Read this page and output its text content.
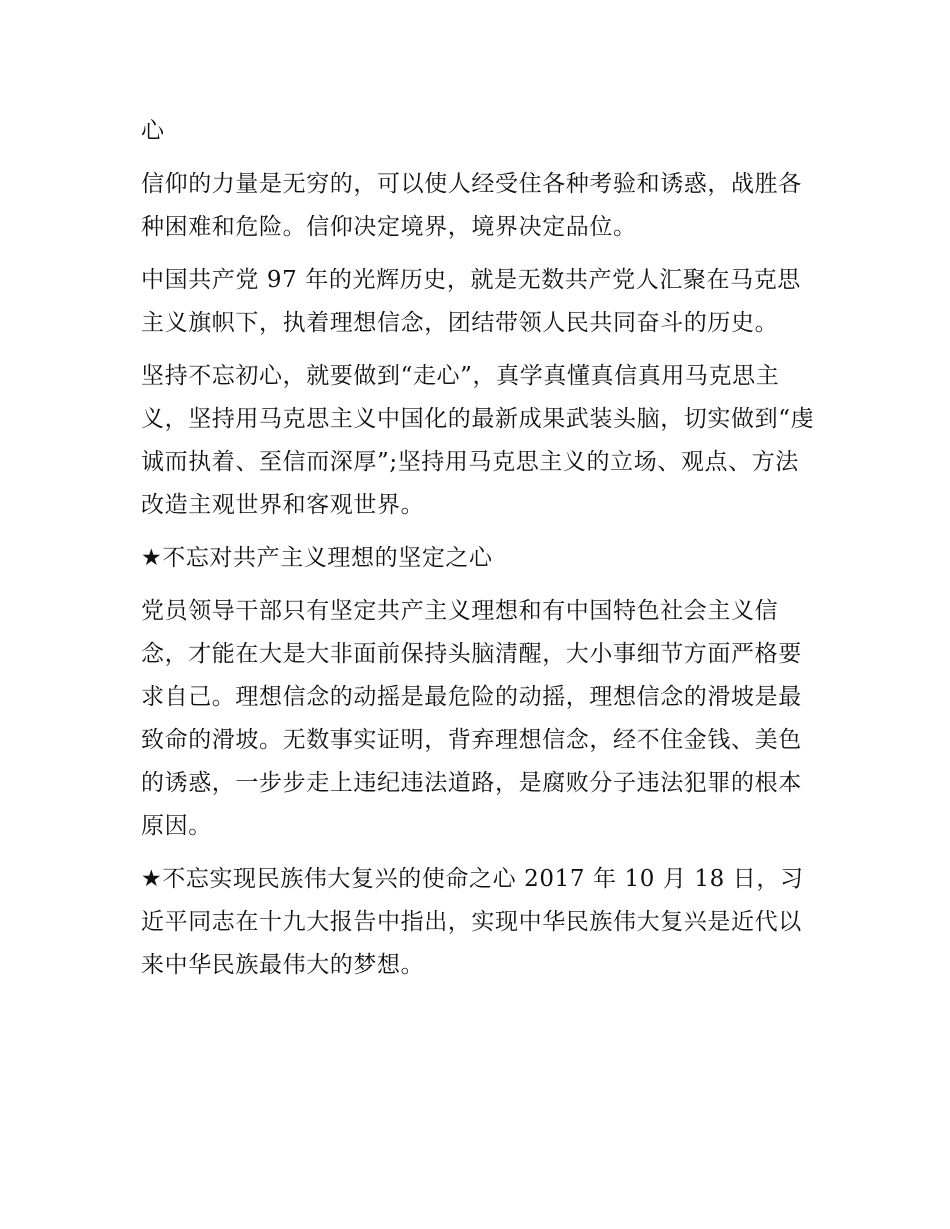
心

信仰的力量是无穷的，可以使人经受住各种考验和诱惑，战胜各种困难和危险。信仰决定境界，境界决定品位。

中国共产党 97 年的光辉历史，就是无数共产党人汇聚在马克思主义旗帜下，执着理想信念，团结带领人民共同奋斗的历史。

坚持不忘初心，就要做到“走心”，真学真懂真信真用马克思主义，坚持用马克思主义中国化的最新成果武装头脑，切实做到“虔诚而执着、至信而深厚”;坚持用马克思主义的立场、观点、方法改造主观世界和客观世界。

★不忘对共产主义理想的坚定之心

党员领导干部只有坚定共产主义理想和有中国特色社会主义信念，才能在大是大非面前保持头脑清醒，大小事细节方面严格要求自己。理想信念的动摇是最危险的动摇，理想信念的滑坡是最致命的滑坡。无数事实证明，背弃理想信念，经不住金钱、美色的诱惑，一步步走上违纪违法道路，是腐败分子违法犯罪的根本原因。

★不忘实现民族伟大复兴的使命之心 2017 年 10 月 18 日，习近平同志在十九大报告中指出，实现中华民族伟大复兴是近代以来中华民族最伟大的梦想。
